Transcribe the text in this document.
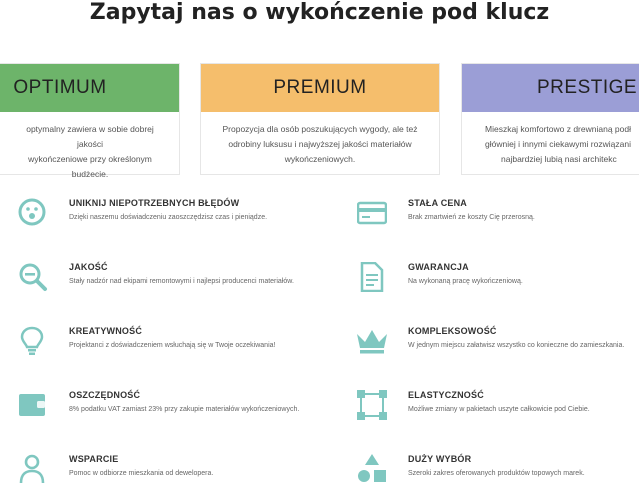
Zapytaj nas o wykończenie pod klucz
OPTIMUM
optymalny zawiera w sobie dobrej jakości
wykończeniowe przy określonym budżecie.
PREMIUM
Propozycja dla osób poszukujących wygody, ale też
odrobiny luksusu i najwyższej jakości materiałów
wykończeniowych.
PRESTIGE
Mieszkaj komfortowo z drewnianą podł
główniej i innymi ciekawymi rozwiązani
najbardziej lubią nasi architekc
UNIKNIJ NIEPOTRZEBNYCH BŁĘDÓW
Dzięki naszemu doświadczeniu zaoszczędzisz czas i pieniądze.
JAKOŚĆ
Stały nadzór nad ekipami remontowymi i najlepsi producenci materiałów.
KREATYWNOŚĆ
Projektanci z doświadczeniem wsłuchają się w Twoje oczekiwania!
OSZCZĘDNOŚĆ
8% podatku VAT zamiast 23% przy zakupie materiałów wykończeniowych.
WSPARCIE
Pomoc w odbiorze mieszkania od dewelopera.
STAŁA CENA
Brak zmartwień ze koszty Cię przerosną.
GWARANCJA
Na wykonaną pracę wykończeniową.
KOMPLEKSOWOŚĆ
W jednym miejscu załatwisz wszystko co konieczne do zamieszkania.
ELASTYCZNOŚĆ
Możliwe zmiany w pakietach uszyte całkowicie pod Ciebie.
DUŻY WYBÓR
Szeroki zakres oferowanych produktów topowych marek.
